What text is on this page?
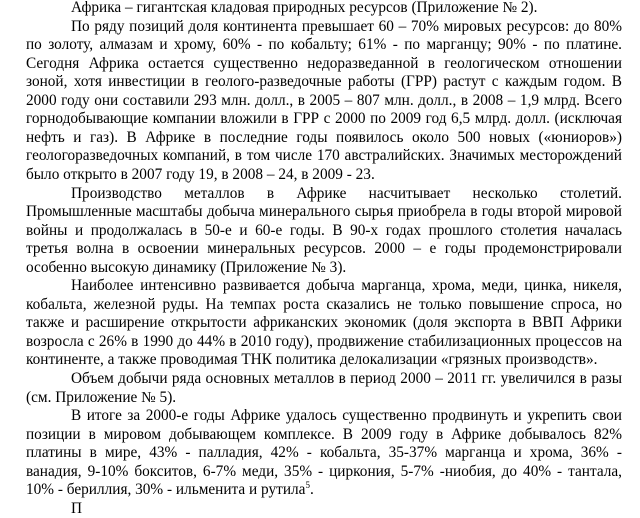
Африка – гигантская кладовая природных ресурсов (Приложение № 2).
По ряду позиций доля континента превышает 60 – 70% мировых ресурсов: до 80%
по золоту, алмазам и хрому, 60% - по кобальту; 61% - по марганцу; 90% - по платине.
Сегодня Африка остается существенно недоразведанной в геологическом отношении
зоной, хотя инвестиции в геолого-разведочные работы (ГРР) растут с каждым годом. В
2000 году они составили 293 млн. долл., в 2005 – 807 млн. долл., в 2008 – 1,9 млрд. Всего
горнодобывающие компании вложили в ГРР с 2000 по 2009 год 6,5 млрд. долл. (исключая
нефть и газ). В Африке в последние годы появилось около 500 новых («юниоров»)
геологоразведочных компаний, в том числе 170 австралийских. Значимых месторождений
было открыто в 2007 году 19, в 2008 – 24, в 2009 - 23.
Производство металлов в Африке насчитывает несколько столетий.
Промышленные масштабы добыча минерального сырья приобрела в годы второй мировой
войны и продолжалась в 50-е и 60-е годы. В 90-х годах прошлого столетия началась
третья волна в освоении минеральных ресурсов. 2000 – е годы продемонстрировали
особенно высокую динамику (Приложение № 3).
Наиболее интенсивно развивается добыча марганца, хрома, меди, цинка, никеля,
кобальта, железной руды. На темпах роста сказались не только повышение спроса, но
также и расширение открытости африканских экономик (доля экспорта в ВВП Африки
возросла с 26% в 1990 до 44% в 2010 году), продвижение стабилизационных процессов на
континенте, а также проводимая ТНК политика делокализации «грязных производств».
Объем добычи ряда основных металлов в период 2000 – 2011 гг. увеличился в разы
(см. Приложение № 5).
В итоге за 2000-е годы Африке удалось существенно продвинуть и укрепить свои
позиции в мировом добывающем комплексе. В 2009 году в Африке добывалось 82%
платины в мире, 43% - палладия, 42% - кобальта, 35-37% марганца и хрома, 36% -
ванадия, 9-10% бокситов, 6-7% меди, 35% - циркония, 5-7% -ниобия, до 40% - тантала,
10% - бериллия, 30% - ильменита и рутила$^5$.
П
